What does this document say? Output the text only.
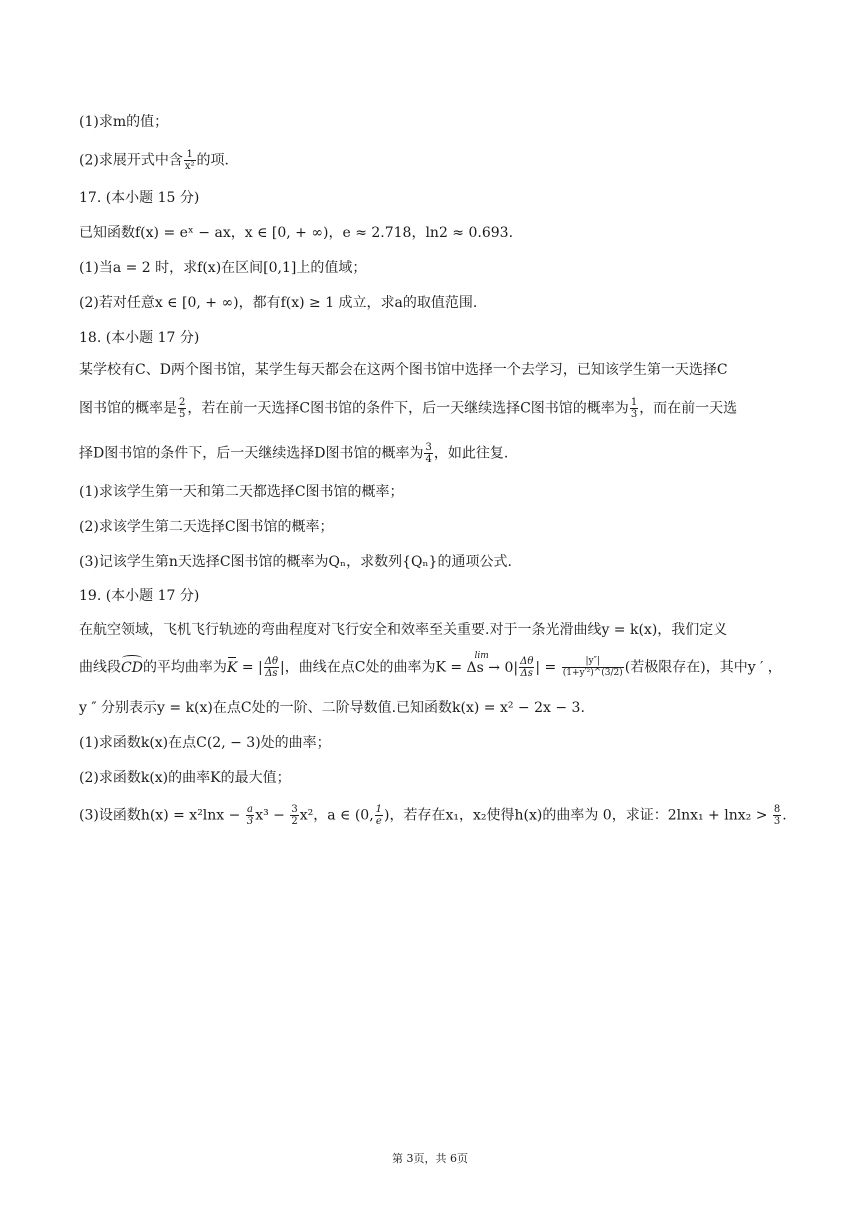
(1)求m的值；
(2)求展开式中含 $\frac{1}{\text{x²}}$ 的项.
17. (本小题 15 分)
已知函数f(x) = eˣ − ax，x ∈ [0, + ∞)，e ≈ 2.718，ln2 ≈ 0.693.
(1)当a = 2 时，求f(x)在区间[0,1]上的值域；
(2)若对任意x ∈ [0, + ∞)，都有f(x) ≥ 1 成立，求a的取值范围.
18. (本小题 17 分)
某学校有C、D两个图书馆，某学生每天都会在这两个图书馆中选择一个去学习，已知该学生第一天选择C
图书馆的概率是 $\frac{2}{5}$ ，若在前一天选择C图书馆的条件下，后一天继续选择C图书馆的概率为 $\frac{1}{3}$ ，而在前一天选
择D图书馆的条件下，后一天继续选择D图书馆的概率为 $\frac{3}{4}$ ，如此往复.
(1)求该学生第一天和第二天都选择C图书馆的概率；
(2)求该学生第二天选择C图书馆的概率；
(3)记该学生第n天选择C图书馆的概率为Qₙ，求数列{Qₙ}的通项公式.
19. (本小题 17 分)
在航空领域，飞机飞行轨迹的弯曲程度对飞行安全和效率至关重要.对于一条光滑曲线y = k(x)，我们定义
曲线段CD的平均曲率为K = | $\frac{\Delta\theta}{\Delta s}$ |，曲线在点C处的曲率为K =
lim
$\Delta s \to 0| \frac{\Delta\theta}{\Delta s}$ | = $\frac{|y''|}{\text{(1+y′²)\textasciicircum{}(3/2)}}$ (若极限存在)，其中y ′ ，
y ″ 分别表示y = k(x)在点C处的一阶、二阶导数值.已知函数k(x) = x² − 2x − 3.
(1)求函数k(x)在点C(2, − 3)处的曲率；
(2)求函数k(x)的曲率K的最大值；
(3)设函数$h(x) = x^2\ln x - \frac{a}{3} x^3 - \frac{3}{2} x^2$，a ∈ (0, $\frac{1}{e}$ )，若存在x₁，x₂使得h(x)的曲率为 0，求证：$2\ln x_1 + \ln x_2 > \frac{8}{3}$ .
第 3页，共 6页
